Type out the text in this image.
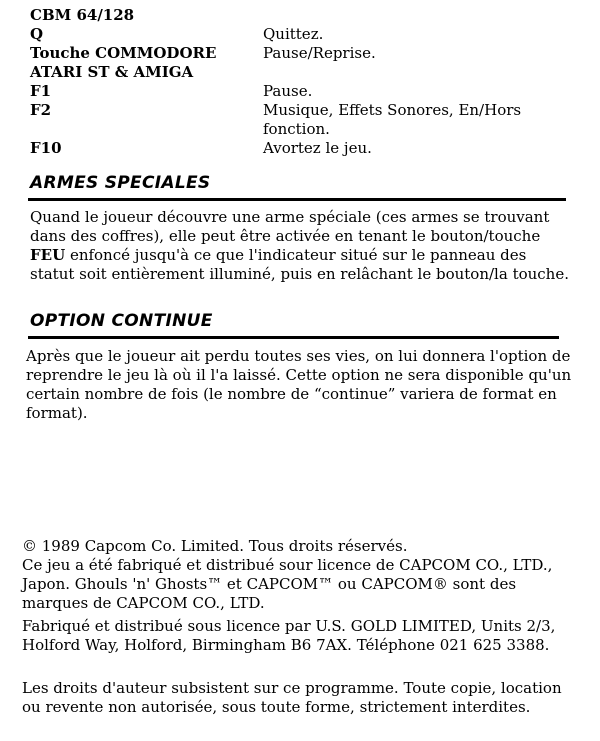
CBM 64/128
Q	Quittez.
Touche COMMODORE	Pause/Reprise.
ATARI ST & AMIGA
F1	Pause.
F2	Musique, Effets Sonores, En/Hors fonction.
F10	Avortez le jeu.
ARMES SPECIALES

Quand le joueur découvre une arme spéciale (ces armes se trouvant dans des coffres), elle peut être activée en tenant le bouton/touche FEU enfoncé jusqu'à ce que l'indicateur situé sur le panneau des statut soit entièrement illuminé, puis en relâchant le bouton/la touche.

OPTION CONTINUE

Après que le joueur ait perdu toutes ses vies, on lui donnera l'option de reprendre le jeu là où il l'a laissé. Cette option ne sera disponible qu'un certain nombre de fois (le nombre de “continue” variera de format en format).

© 1989 Capcom Co. Limited. Tous droits réservés.

Ce jeu a été fabriqué et distribué sour licence de CAPCOM CO., LTD., Japon. Ghouls 'n' Ghosts™ et CAPCOM™ ou CAPCOM® sont des marques de CAPCOM CO., LTD.

Fabriqué et distribué sous licence par U.S. GOLD LIMITED, Units 2/3, Holford Way, Holford, Birmingham B6 7AX. Téléphone 021 625 3388.

Les droits d'auteur subsistent sur ce programme. Toute copie, location ou revente non autorisée, sous toute forme, strictement interdites.
